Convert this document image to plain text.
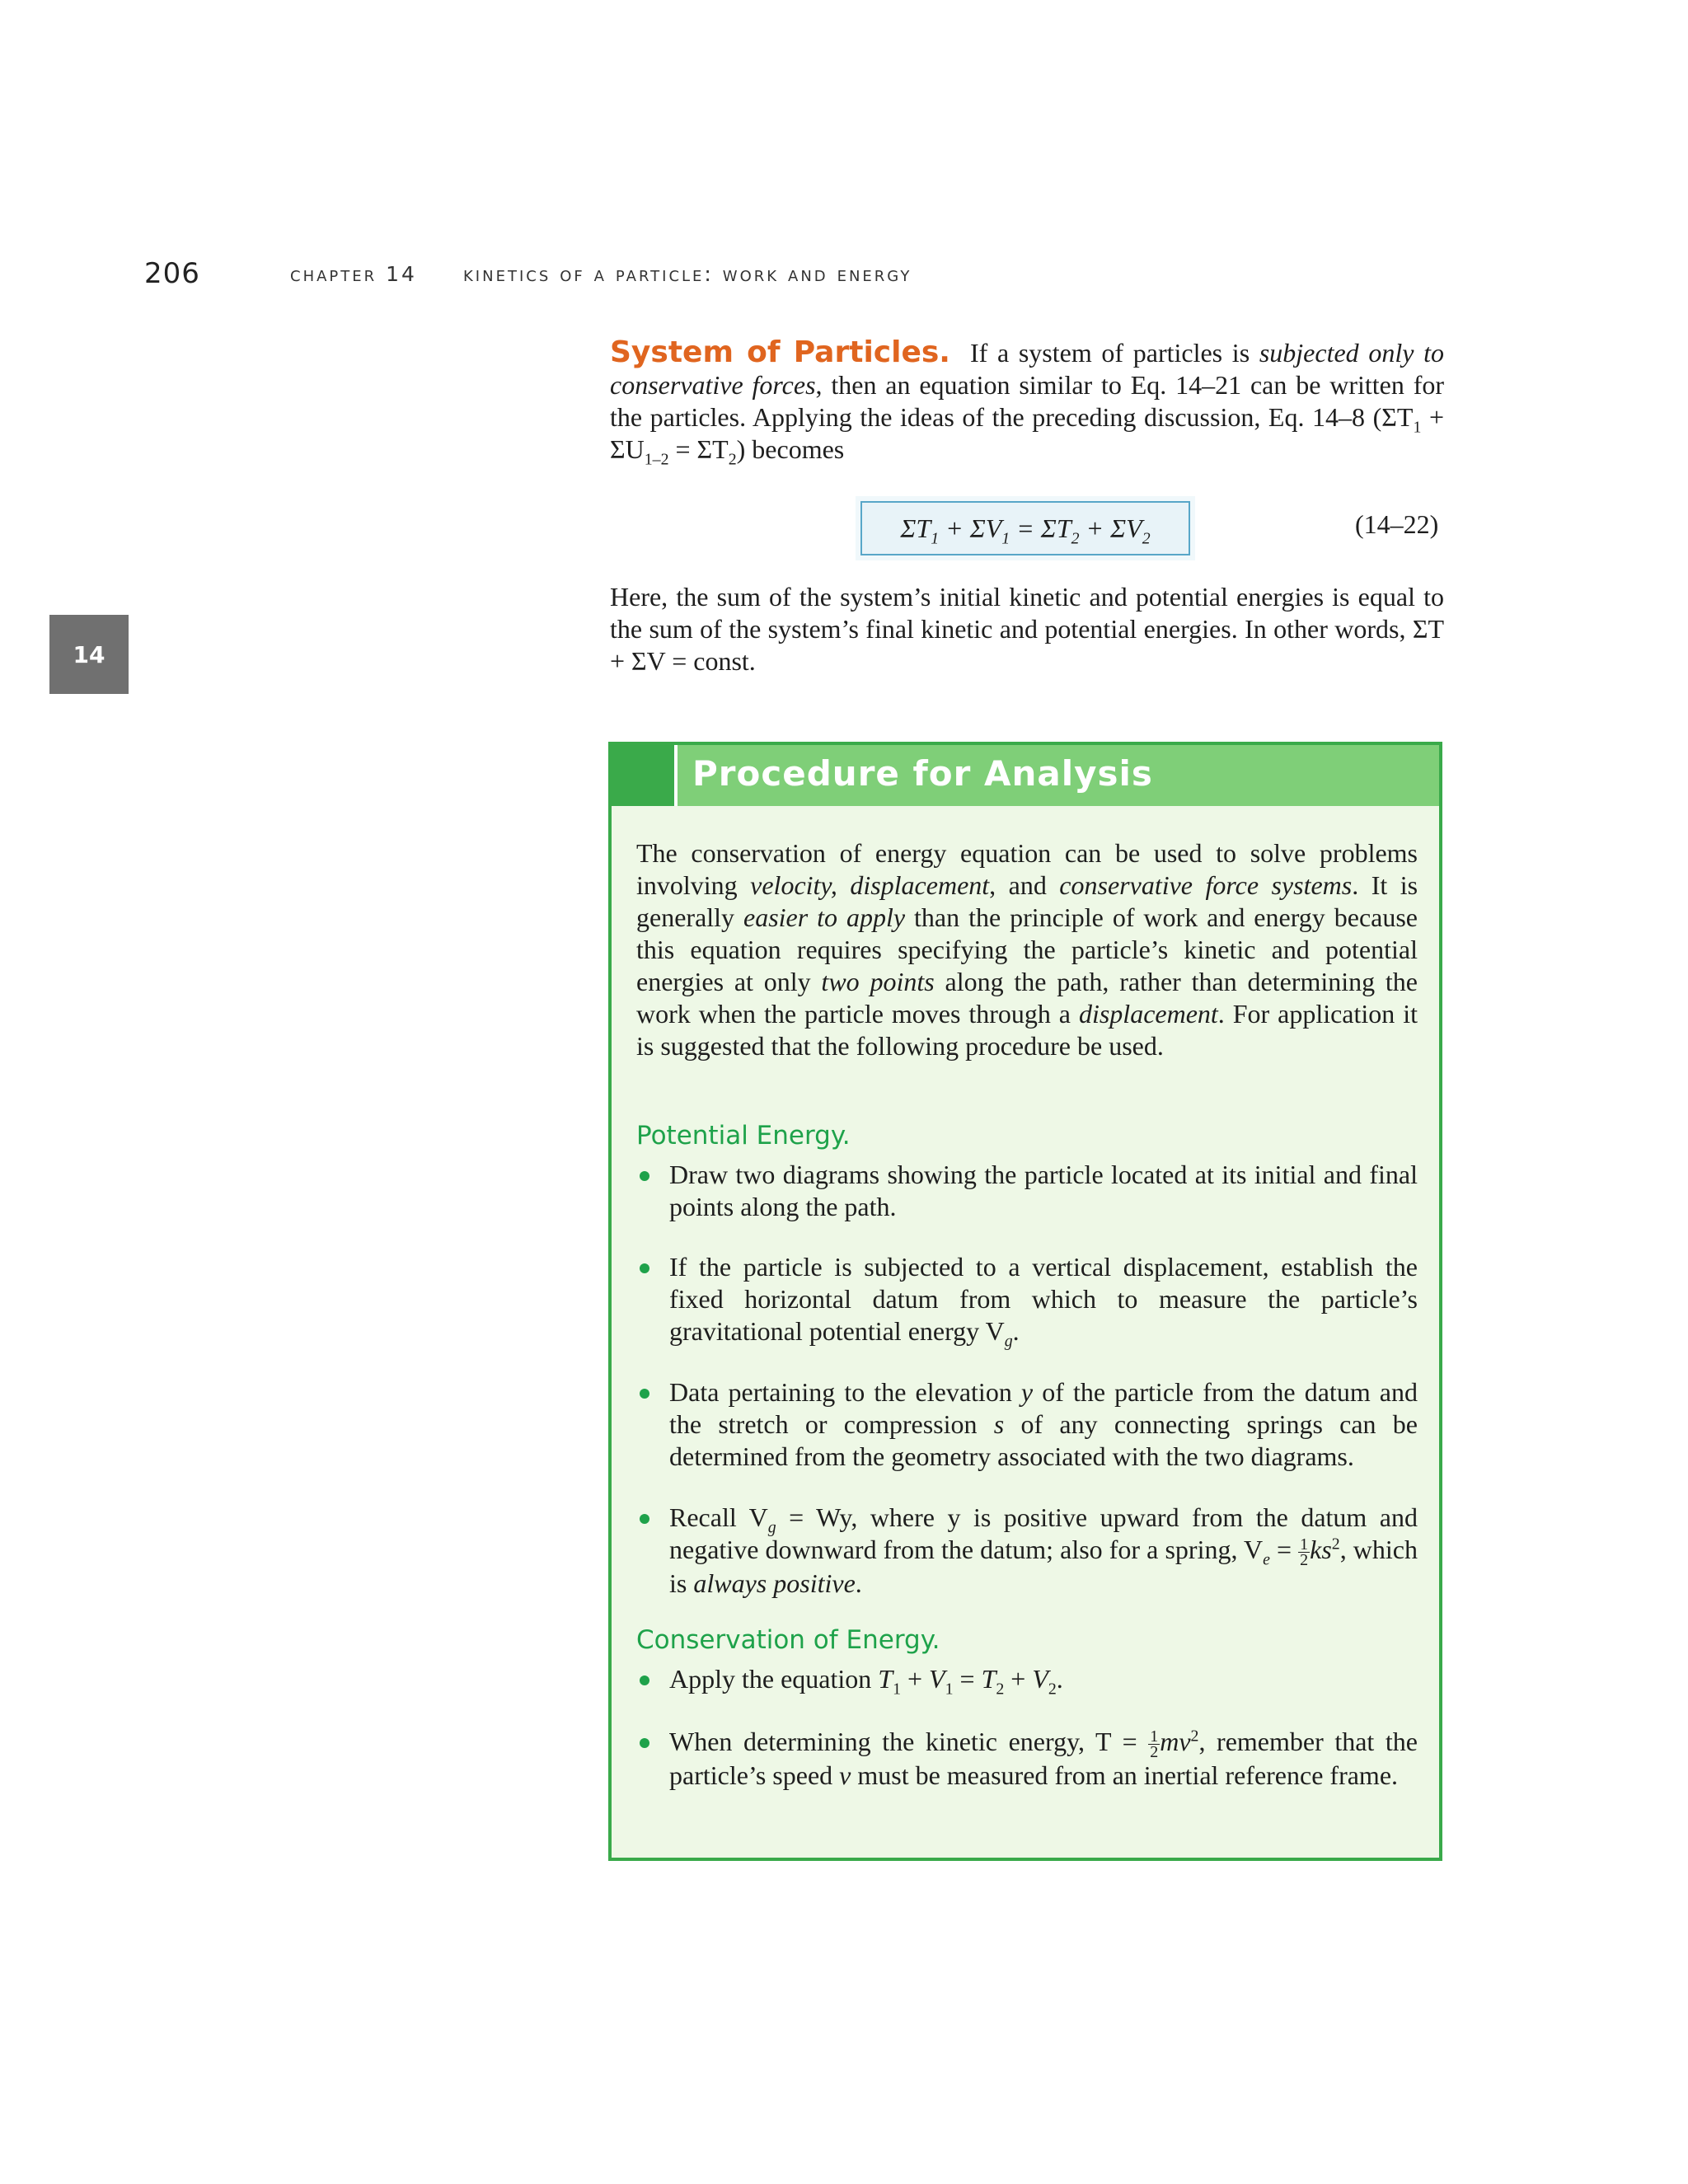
206	chapter 14 kinetics of a particle: work and energy
14
System of Particles. If a system of particles is subjected only to conservative forces, then an equation similar to Eq. 14–21 can be written for the particles. Applying the ideas of the preceding discussion, Eq. 14–8 $(\Sigma T_1 + \Sigma U_{1-2} = \Sigma T_2)$ becomes
$\Sigma T_1 + \Sigma V_1 = \Sigma T_2 + \Sigma V_2$	(14–22)
Here, the sum of the system’s initial kinetic and potential energies is equal to the sum of the system’s final kinetic and potential energies. In other words, ΣT + ΣV = const.
Procedure for Analysis
The conservation of energy equation can be used to solve problems involving velocity, displacement, and conservative force systems. It is generally easier to apply than the principle of work and energy because this equation requires specifying the particle’s kinetic and potential energies at only two points along the path, rather than determining the work when the particle moves through a displacement. For application it is suggested that the following procedure be used.
Potential Energy.
Draw two diagrams showing the particle located at its initial and final points along the path.
If the particle is subjected to a vertical displacement, establish the fixed horizontal datum from which to measure the particle’s gravitational potential energy $V_g$.
Data pertaining to the elevation y of the particle from the datum and the stretch or compression s of any connecting springs can be determined from the geometry associated with the two diagrams.
Recall $V_g = Wy$, where y is positive upward from the datum and negative downward from the datum; also for a spring, $V_e = \frac{1}{2} ks^2$, which is always positive.
Conservation of Energy.
Apply the equation $T_1 + V_1 = T_2 + V_2$.
When determining the kinetic energy, $T = \frac{1}{2} mv^2$, remember that the particle’s speed v must be measured from an inertial reference frame.
